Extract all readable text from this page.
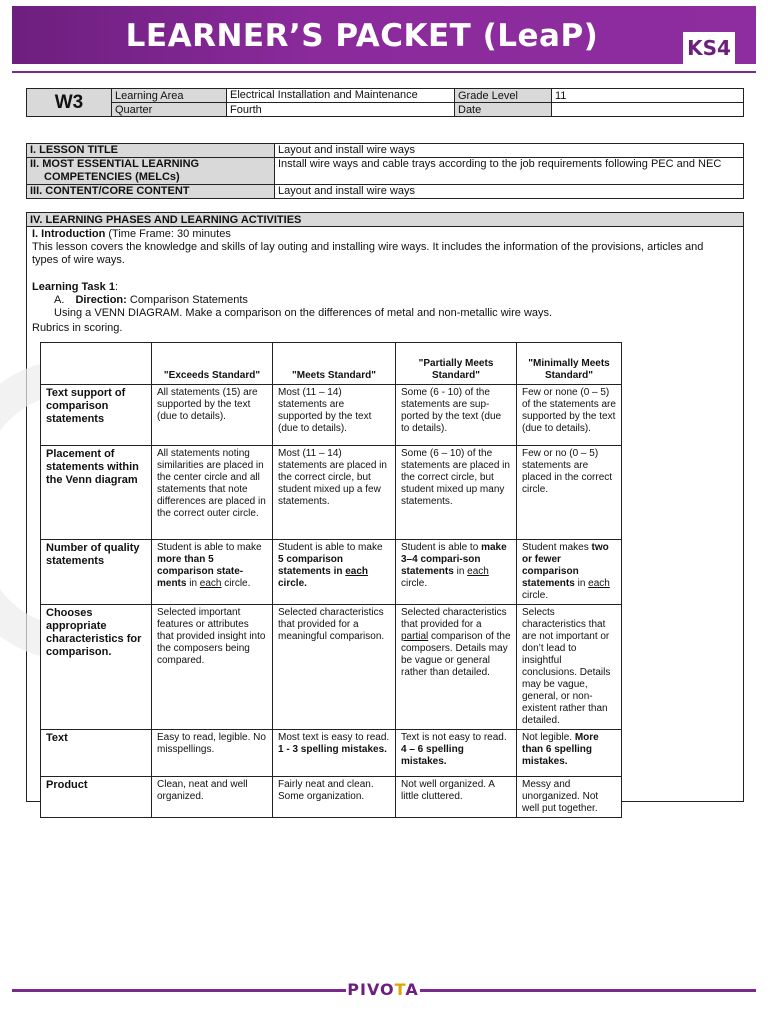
LEARNER’S PACKET (LeaP)	KS4
W3	Learning Area	Electrical Installation and Maintenance	Grade Level	11
	Quarter	Fourth	Date	
I. LESSON TITLE	Layout and install wire ways

II. MOST ESSENTIAL LEARNING
COMPETENCIES (MELCs)	Install wire ways and cable trays according to the job requirements following PEC and NEC
III. CONTENT/CORE CONTENT	Layout and install wire ways
IV. LEARNING PHASES AND LEARNING ACTIVITIES
I. Introduction (Time Frame: 30 minutes
This lesson covers the knowledge and skills of lay outing and installing wire ways. It includes the information of the provisions, articles and types of wire ways.
Learning Task 1:
A. Direction: Comparison Statements
Using a VENN DIAGRAM. Make a comparison on the differences of metal and non-metallic wire ways.
Rubrics in scoring.
	"Exceeds Standard"	"Meets Standard"	"Partially Meets Standard"	"Minimally Meets Standard"
Text support of comparison statements	All statements (15) are supported by the text (due to details).	Most (11 – 14) statements are supported by the text (due to details).	Some (6 - 10) of the statements are sup-ported by the text (due to details).	Few or none (0 – 5) of the statements are supported by the text (due to details).
Placement of statements within the Venn diagram	All statements noting similarities are placed in the center circle and all statements that note differences are placed in the correct outer circle.	Most (11 – 14) statements are placed in the correct circle, but student mixed up a few statements.	Some (6 – 10) of the statements are placed in the correct circle, but student mixed up many statements.	Few or no (0 – 5) statements are placed in the correct circle.
Number of quality statements	Student is able to make more than 5 comparison state-ments in each circle.	Student is able to make 5 comparison statements in each circle.	Student is able to make 3–4 compari-son statements in each circle.	Student makes two or fewer comparison statements in each circle.
Chooses appropriate characteristics for comparison.	Selected important features or attributes that provided insight into the composers being compared.	Selected characteristics that provided for a meaningful comparison.	Selected characteristics that provided for a partial comparison of the composers. Details may be vague or general rather than detailed.	Selects characteristics that are not important or don’t lead to insightful conclusions. Details may be vague, general, or non-existent rather than detailed.
Text	Easy to read, legible. No misspellings.	Most text is easy to read. 1 - 3 spelling mistakes.	Text is not easy to read. 4 – 6 spelling mistakes.	Not legible. More than 6 spelling mistakes.
Product	Clean, neat and well organized.	Fairly neat and clean. Some organization.	Not well organized. A little cluttered.	Messy and unorganized. Not well put together.
PIVOTA
